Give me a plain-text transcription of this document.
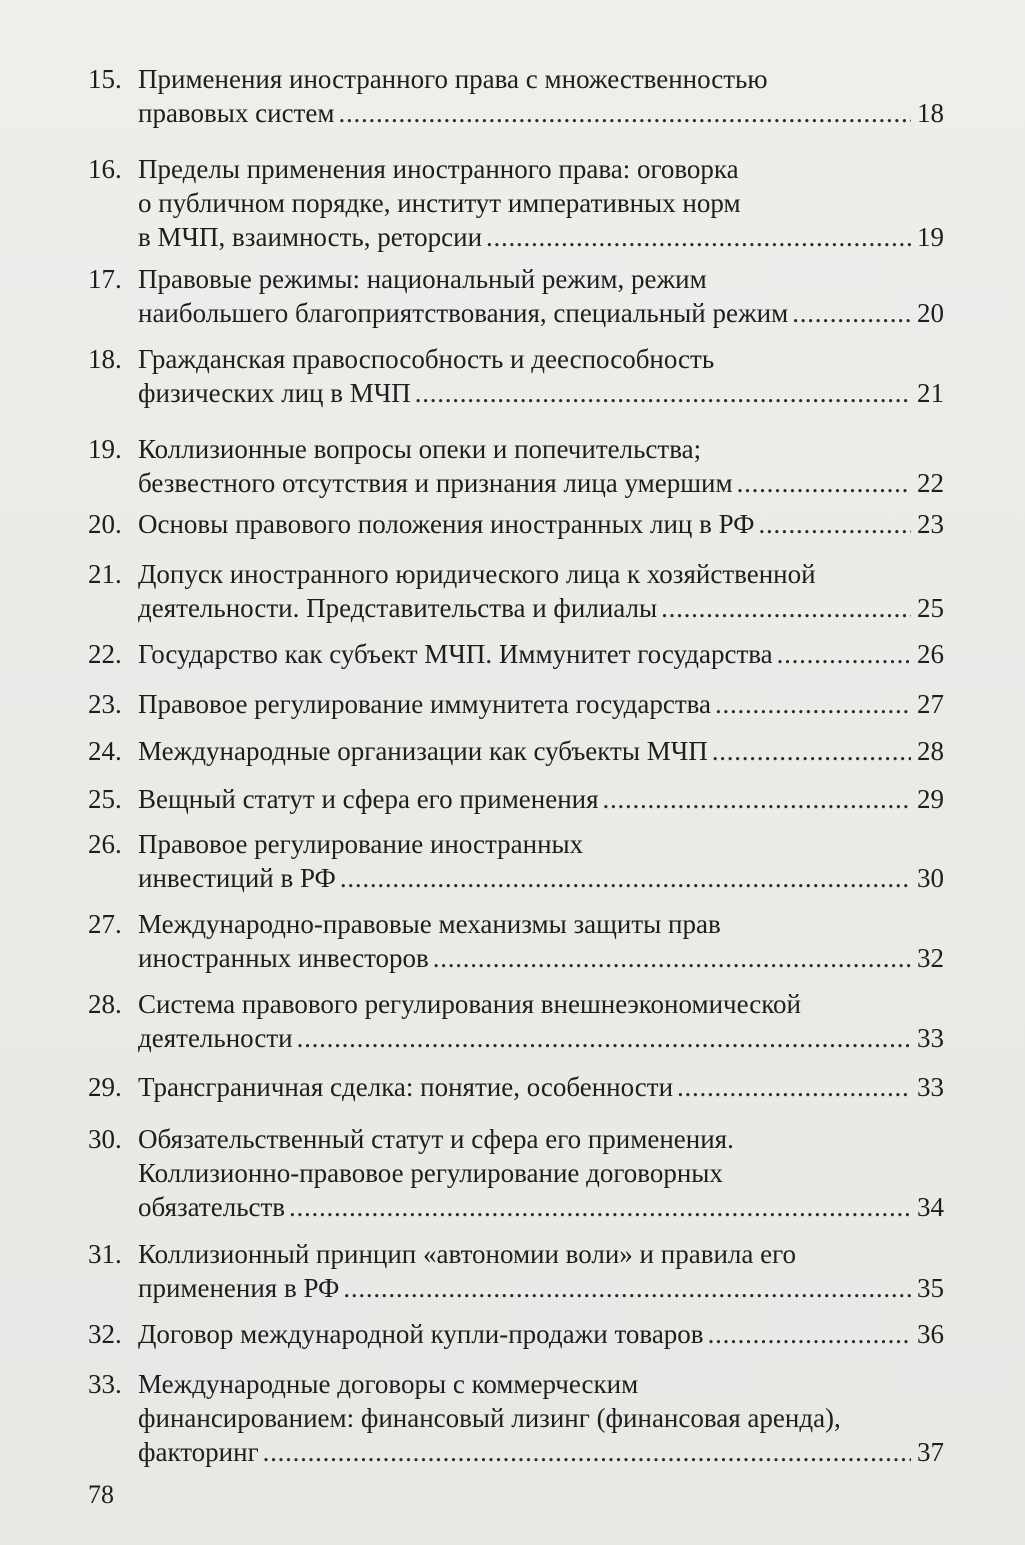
15. Применения иностранного права с множественностью
правовых систем . . .	18
16. Пределы применения иностранного права: оговорка
о публичном порядке, институт императивных норм
в МЧП, взаимность, реторсии . . .	19
17. Правовые режимы: национальный режим, режим
наибольшего благоприятствования, специальный режим . . .	20
18. Гражданская правоспособность и дееспособность
физических лиц в МЧП . . .	21
19. Коллизионные вопросы опеки и попечительства;
безвестного отсутствия и признания лица умершим . . .	22
20. Основы правового положения иностранных лиц в РФ . . .	23
21. Допуск иностранного юридического лица к хозяйственной
деятельности. Представительства и филиалы . . .	25
22. Государство как субъект МЧП. Иммунитет государства . . .	26
23. Правовое регулирование иммунитета государства . . .	27
24. Международные организации как субъекты МЧП . . .	28
25. Вещный статут и сфера его применения . . .	29
26. Правовое регулирование иностранных
инвестиций в РФ . . .	30
27. Международно-правовые механизмы защиты прав
иностранных инвесторов . . .	32
28. Система правового регулирования внешнеэкономической
деятельности . . .	33
29. Трансграничная сделка: понятие, особенности . . .	33
30. Обязательственный статут и сфера его применения.
Коллизионно-правовое регулирование договорных
обязательств . . .	34
31. Коллизионный принцип «автономии воли» и правила его
применения в РФ . . .	35
32. Договор международной купли-продажи товаров . . .	36
33. Международные договоры с коммерческим
финансированием: финансовый лизинг (финансовая аренда),
факторинг . . .	37
78
